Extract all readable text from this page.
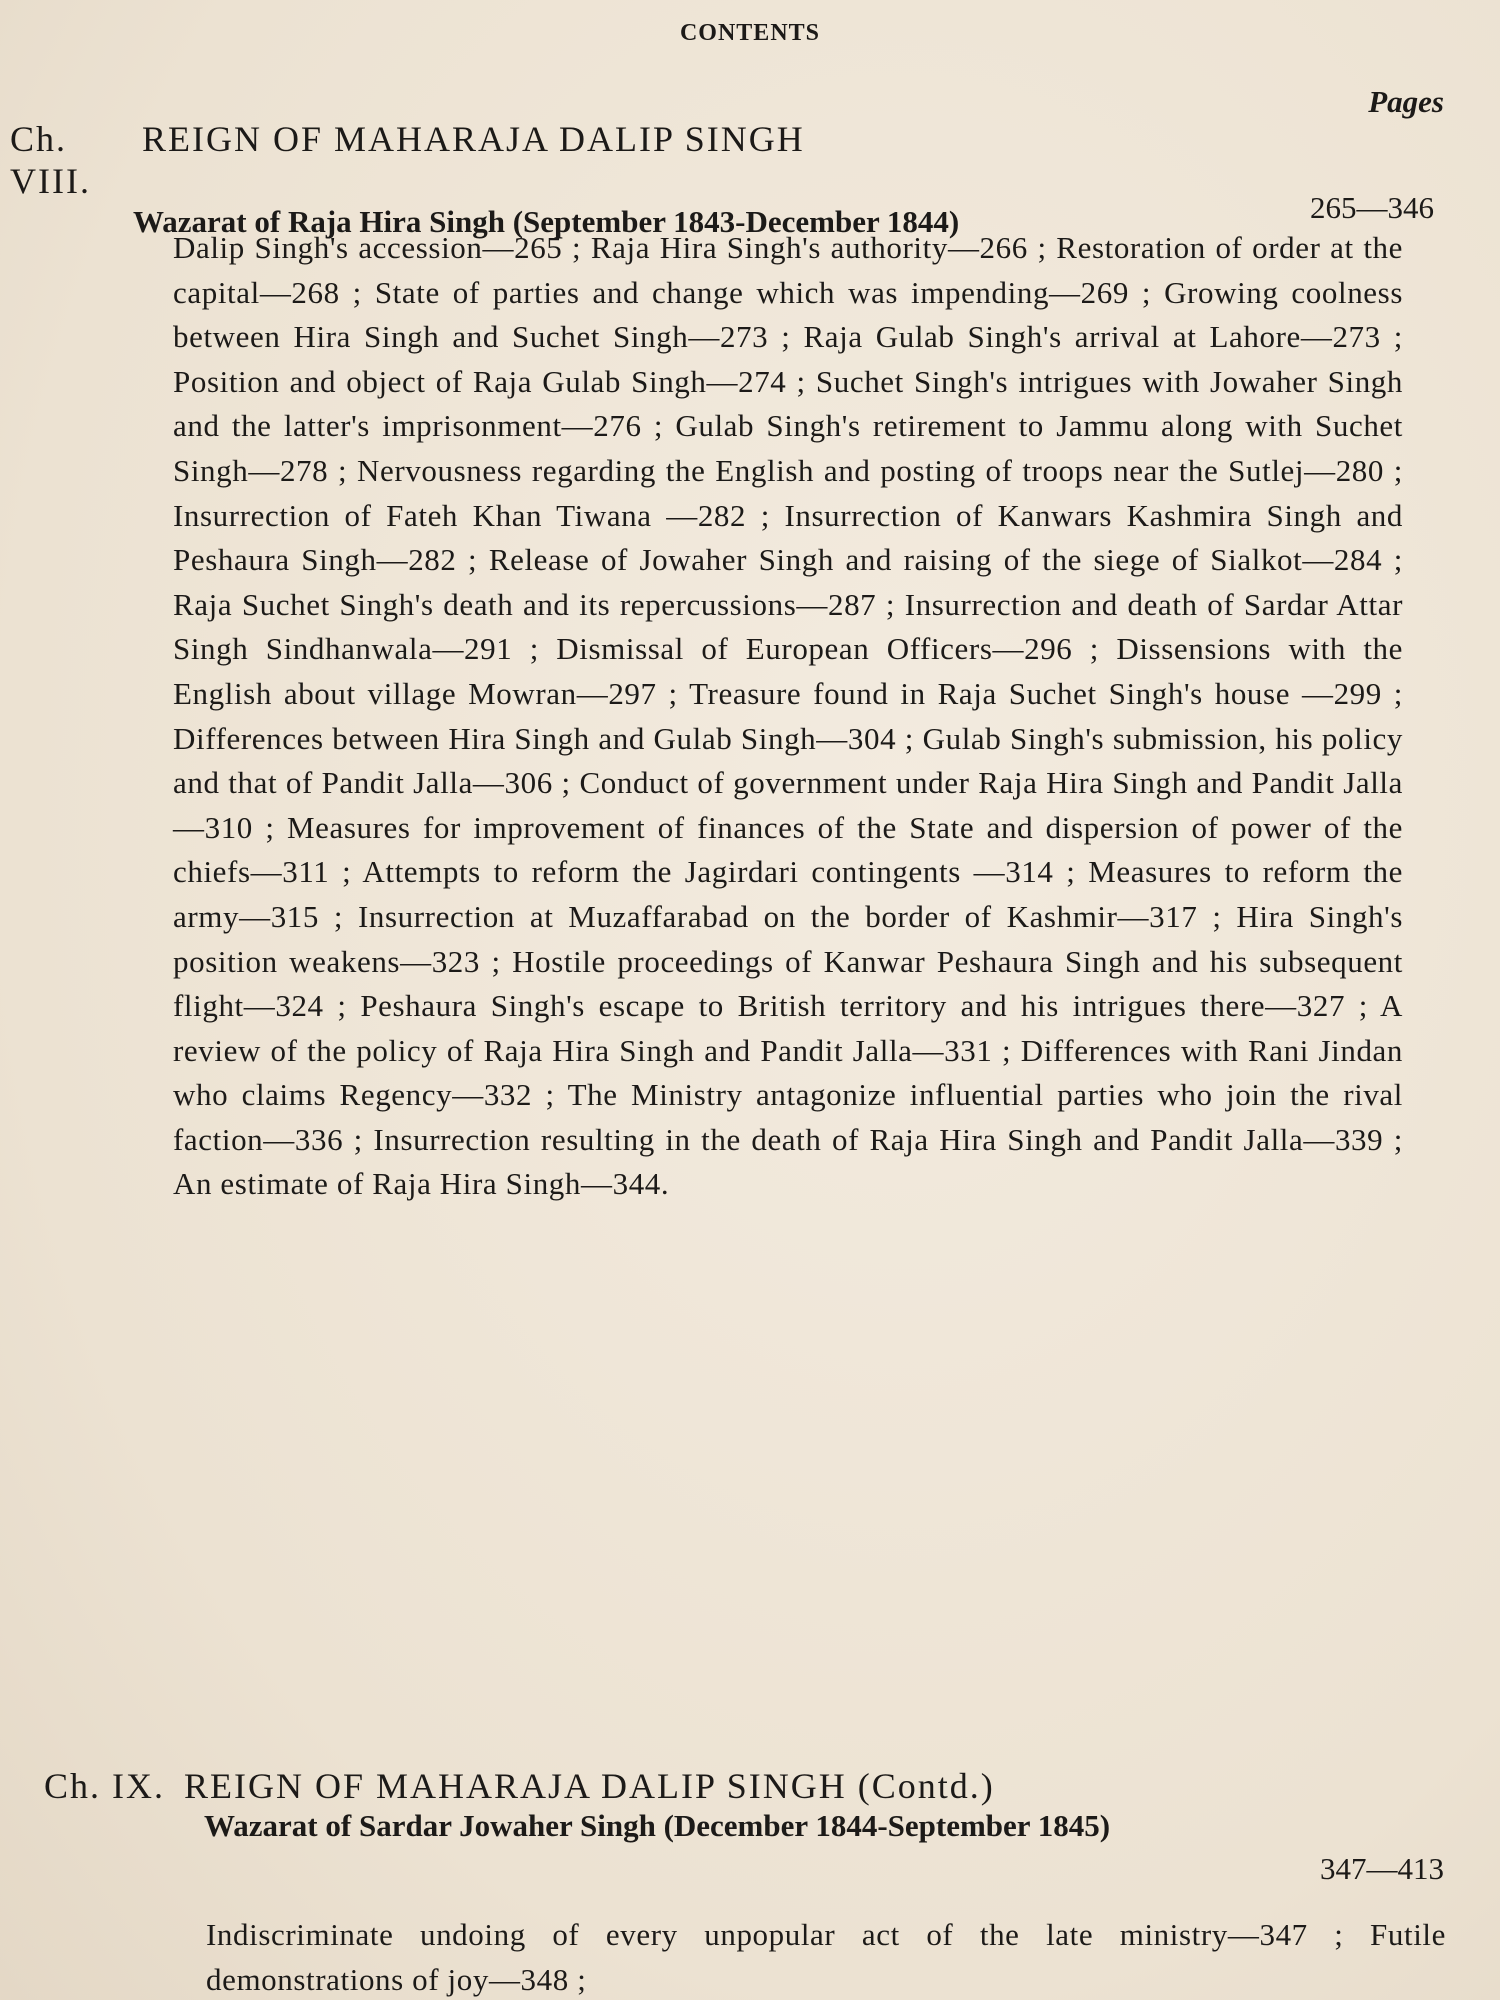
CONTENTS
Pages
Ch. VIII.
REIGN OF MAHARAJA DALIP SINGH
Wazarat of Raja Hira Singh (September 1843-December 1844)	265—346
Dalip Singh's accession—265 ; Raja Hira Singh's authority—266 ; Restoration of order at the capital—268 ; State of parties and change which was impending—269 ; Growing coolness between Hira Singh and Suchet Singh—273 ; Raja Gulab Singh's arrival at Lahore—273 ; Position and object of Raja Gulab Singh—274 ; Suchet Singh's intrigues with Jowaher Singh and the latter's imprisonment—276 ; Gulab Singh's retirement to Jammu along with Suchet Singh—278 ; Nervousness regarding the English and posting of troops near the Sutlej—280 ; Insurrection of Fateh Khan Tiwana —282 ; Insurrection of Kanwars Kashmira Singh and Peshaura Singh—282 ; Release of Jowaher Singh and raising of the siege of Sialkot—284 ; Raja Suchet Singh's death and its repercussions—287 ; Insurrection and death of Sardar Attar Singh Sindhanwala—291 ; Dismissal of European Officers—296 ; Dissensions with the English about village Mowran—297 ; Treasure found in Raja Suchet Singh's house —299 ; Differences between Hira Singh and Gulab Singh—304 ; Gulab Singh's submission, his policy and that of Pandit Jalla—306 ; Conduct of government under Raja Hira Singh and Pandit Jalla—310 ; Measures for improvement of finances of the State and dispersion of power of the chiefs—311 ; Attempts to reform the Jagirdari contingents —314 ; Measures to reform the army—315 ; Insurrection at Muzaffarabad on the border of Kashmir—317 ; Hira Singh's position weakens—323 ; Hostile proceedings of Kanwar Peshaura Singh and his subsequent flight—324 ; Peshaura Singh's escape to British territory and his intrigues there—327 ; A review of the policy of Raja Hira Singh and Pandit Jalla—331 ; Differences with Rani Jindan who claims Regency—332 ; The Ministry antagonize influential parties who join the rival faction—336 ; Insurrection resulting in the death of Raja Hira Singh and Pandit Jalla—339 ; An estimate of Raja Hira Singh—344.
Ch. IX. REIGN OF MAHARAJA DALIP SINGH (Contd.)
Wazarat of Sardar Jowaher Singh (December 1844-September 1845)
347—413
Indiscriminate undoing of every unpopular act of the late ministry—347 ; Futile demonstrations of joy—348 ;
